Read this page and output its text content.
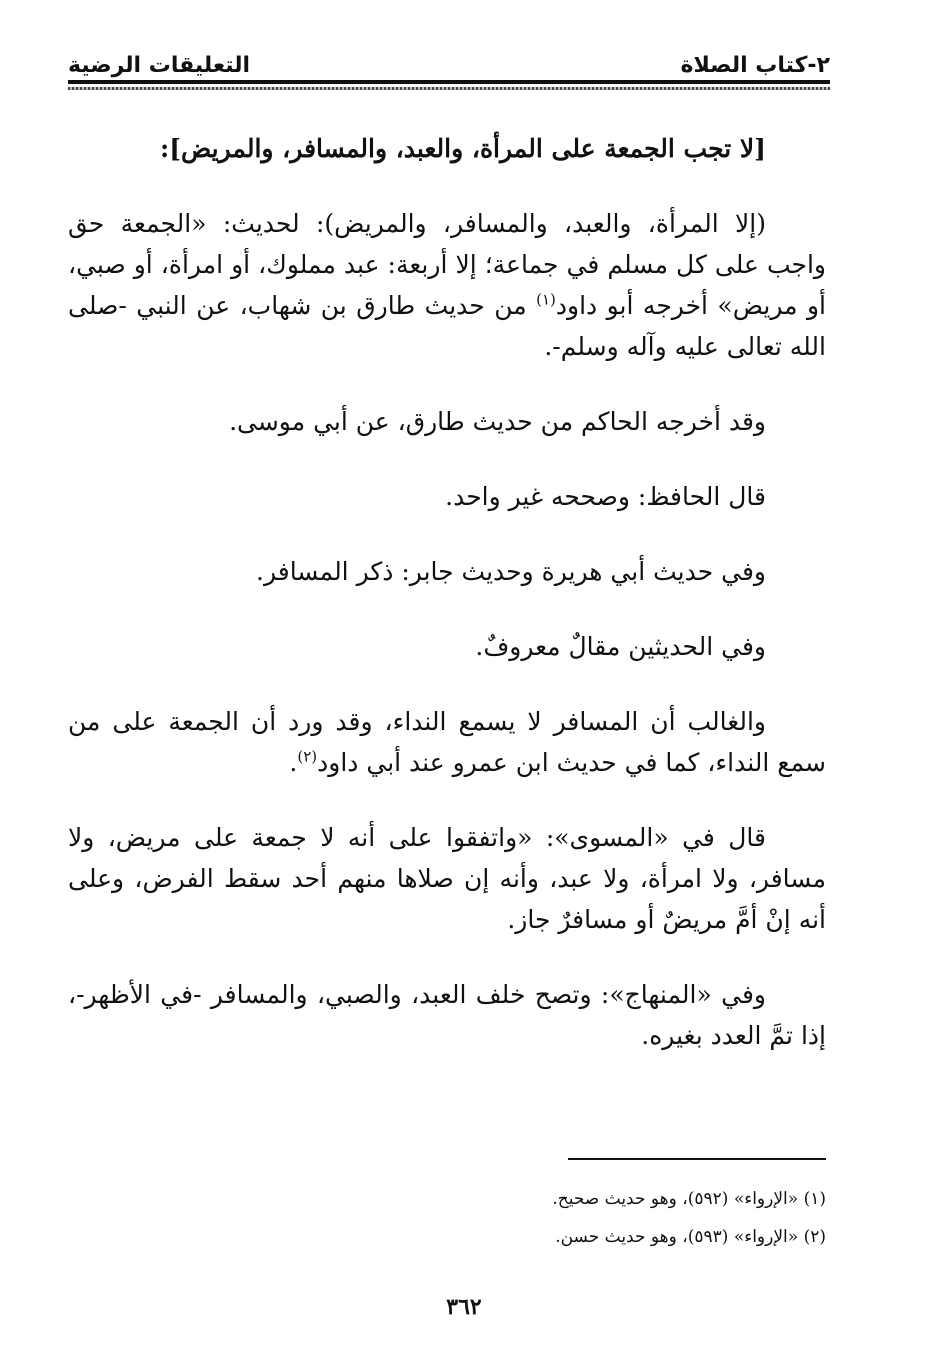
٢-كتاب الصلاة
التعليقات الرضية

[لا تجب الجمعة على المرأة، والعبد، والمسافر، والمريض]:

(إلا المرأة، والعبد، والمسافر، والمريض): لحديث: «الجمعة حق واجب على كل مسلم في جماعة؛ إلا أربعة: عبد مملوك، أو امرأة، أو صبي، أو مريض» أخرجه أبو داود$^{(١)}$ من حديث طارق بن شهاب، عن النبي -صلى الله تعالى عليه وآله وسلم-.

وقد أخرجه الحاكم من حديث طارق، عن أبي موسى.

قال الحافظ: وصححه غير واحد.

وفي حديث أبي هريرة وحديث جابر: ذكر المسافر.

وفي الحديثين مقالٌ معروفٌ.

والغالب أن المسافر لا يسمع النداء، وقد ورد أن الجمعة على من سمع النداء، كما في حديث ابن عمرو عند أبي داود$^{(٢)}$.

قال في «المسوى»: «واتفقوا على أنه لا جمعة على مريض، ولا مسافر، ولا امرأة، ولا عبد، وأنه إن صلاها منهم أحد سقط الفرض، وعلى أنه إنْ أمَّ مريضٌ أو مسافرٌ جاز.

وفي «المنهاج»: وتصح خلف العبد، والصبي، والمسافر -في الأظهر-، إذا تمَّ العدد بغيره.

(١) «الإرواء» (٥٩٢)، وهو حديث صحيح.
(٢) «الإرواء» (٥٩٣)، وهو حديث حسن.
٣٦٢
